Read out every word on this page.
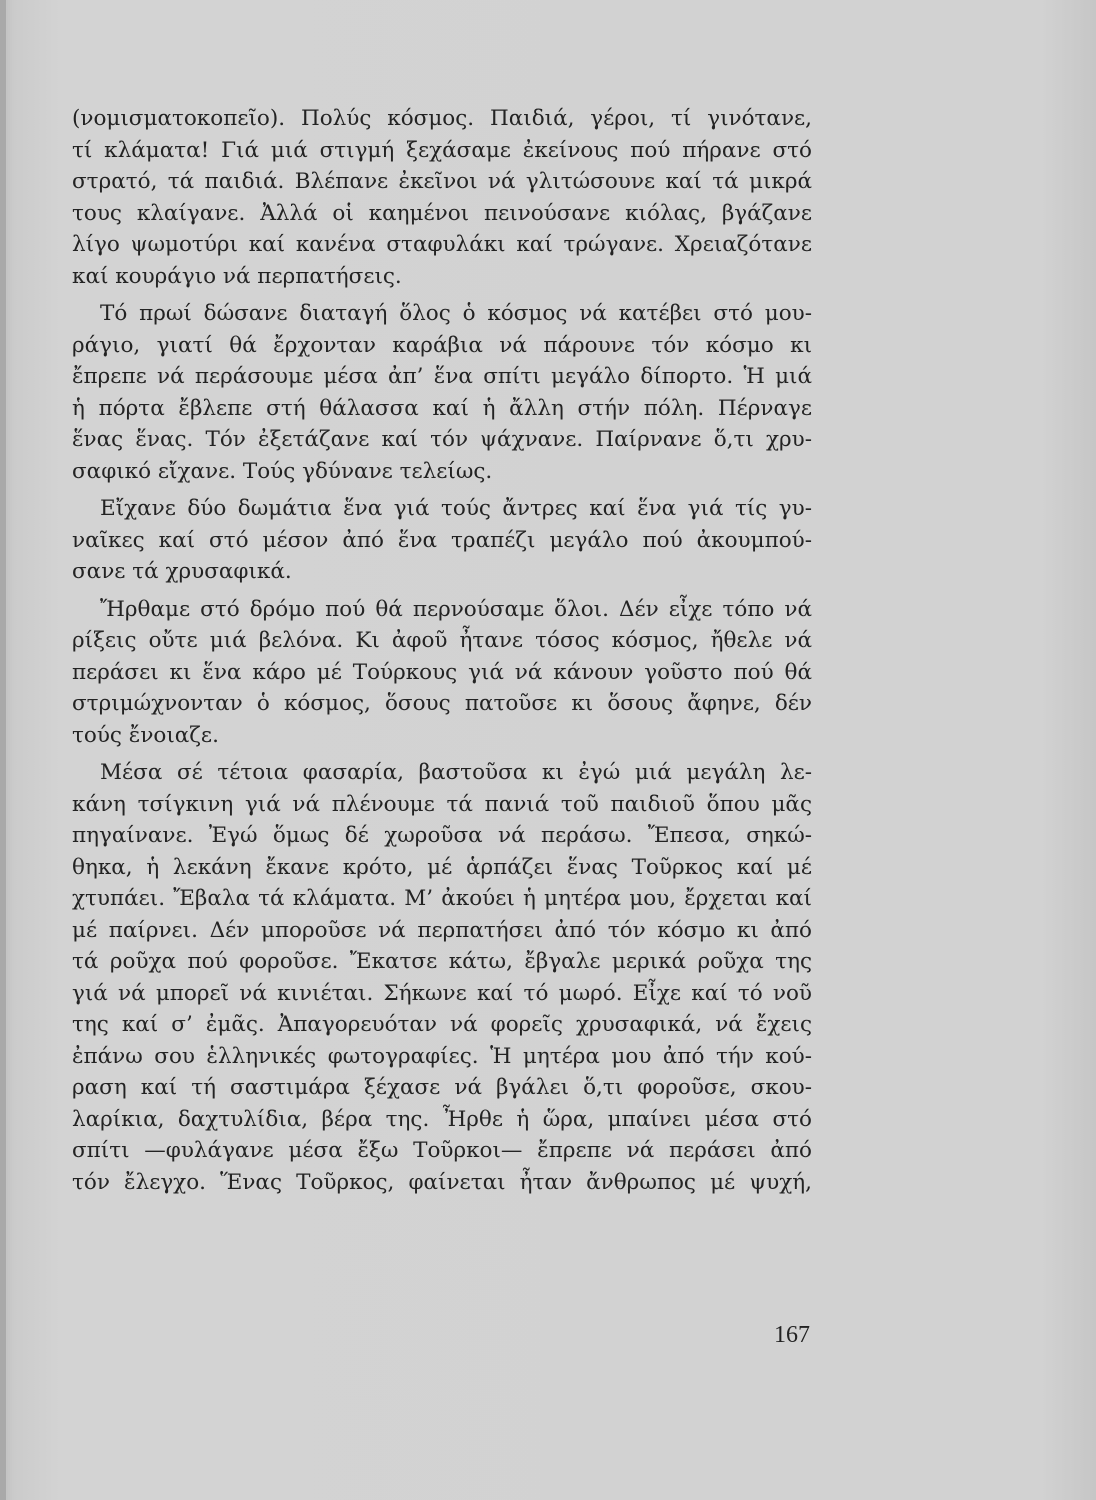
(νομισματοκοπεῖο). Πολύς κόσμος. Παιδιά, γέροι, τί γινότανε,
τί κλάματα! Γιά μιά στιγμή ξεχάσαμε ἐκείνους πού πήρανε στό
στρατό, τά παιδιά. Βλέπανε ἐκεῖνοι νά γλιτώσουνε καί τά μικρά
τους κλαίγανε. Ἀλλά οἱ καημένοι πεινούσανε κιόλας, βγάζανε
λίγο ψωμοτύρι καί κανένα σταφυλάκι καί τρώγανε. Χρειαζότανε
καί κουράγιο νά περπατήσεις.
Τό πρωί δώσανε διαταγή ὅλος ὁ κόσμος νά κατέβει στό μου-
ράγιο, γιατί θά ἔρχονταν καράβια νά πάρουνε τόν κόσμο κι
ἔπρεπε νά περάσουμε μέσα ἀπ’ ἕνα σπίτι μεγάλο δίπορτο. Ἡ μιά
ἡ πόρτα ἔβλεπε στή θάλασσα καί ἡ ἄλλη στήν πόλη. Πέρναγε
ἕνας ἕνας. Τόν ἐξετάζανε καί τόν ψάχνανε. Παίρνανε ὅ,τι χρυ-
σαφικό εἴχανε. Τούς γδύνανε τελείως.
Εἴχανε δύο δωμάτια ἕνα γιά τούς ἄντρες καί ἕνα γιά τίς γυ-
ναῖκες καί στό μέσον ἀπό ἕνα τραπέζι μεγάλο πού ἀκουμπού-
σανε τά χρυσαφικά.
Ἤρθαμε στό δρόμο πού θά περνούσαμε ὅλοι. Δέν εἶχε τόπο νά
ρίξεις οὔτε μιά βελόνα. Κι ἀφοῦ ἦτανε τόσος κόσμος, ἤθελε νά
περάσει κι ἕνα κάρο μέ Τούρκους γιά νά κάνουν γοῦστο πού θά
στριμώχνονταν ὁ κόσμος, ὅσους πατοῦσε κι ὅσους ἄφηνε, δέν
τούς ἔνοιαζε.
Μέσα σέ τέτοια φασαρία, βαστοῦσα κι ἐγώ μιά μεγάλη λε-
κάνη τσίγκινη γιά νά πλένουμε τά πανιά τοῦ παιδιοῦ ὅπου μᾶς
πηγαίνανε. Ἐγώ ὅμως δέ χωροῦσα νά περάσω. Ἔπεσα, σηκώ-
θηκα, ἡ λεκάνη ἔκανε κρότο, μέ ἁρπάζει ἕνας Τοῦρκος καί μέ
χτυπάει. Ἔβαλα τά κλάματα. Μ’ ἀκούει ἡ μητέρα μου, ἔρχεται καί
μέ παίρνει. Δέν μποροῦσε νά περπατήσει ἀπό τόν κόσμο κι ἀπό
τά ροῦχα πού φοροῦσε. Ἔκατσε κάτω, ἔβγαλε μερικά ροῦχα της
γιά νά μπορεῖ νά κινιέται. Σήκωνε καί τό μωρό. Εἶχε καί τό νοῦ
της καί σ’ ἐμᾶς. Ἀπαγορευόταν νά φορεῖς χρυσαφικά, νά ἔχεις
ἐπάνω σου ἑλληνικές φωτογραφίες. Ἡ μητέρα μου ἀπό τήν κού-
ραση καί τή σαστιμάρα ξέχασε νά βγάλει ὅ,τι φοροῦσε, σκου-
λαρίκια, δαχτυλίδια, βέρα της. Ἦρθε ἡ ὥρα, μπαίνει μέσα στό
σπίτι —φυλάγανε μέσα ἔξω Τοῦρκοι— ἔπρεπε νά περάσει ἀπό
τόν ἔλεγχο. Ἕνας Τοῦρκος, φαίνεται ἦταν ἄνθρωπος μέ ψυχή,
167
